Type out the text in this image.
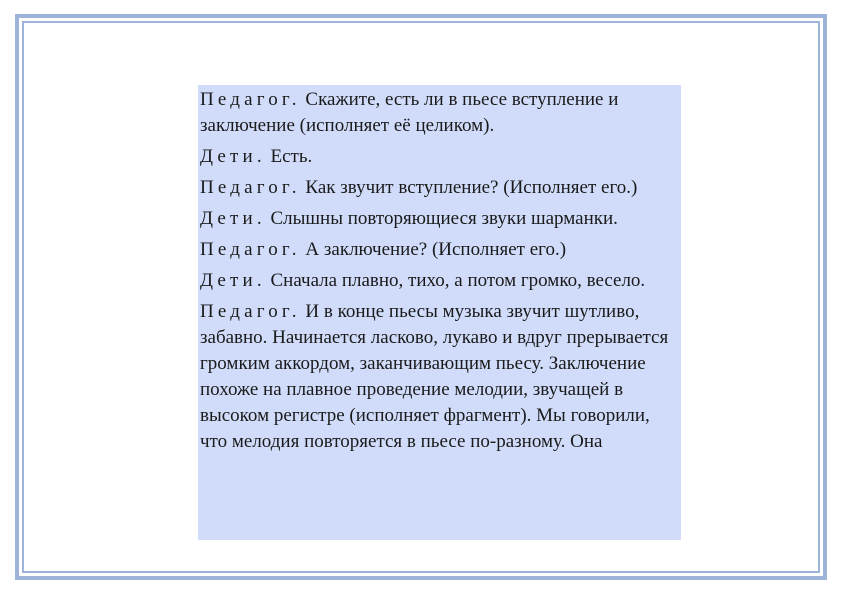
Педагог. Скажите, есть ли в пьесе вступление и заключение (исполняет её целиком).

Дети. Есть.

Педагог. Как звучит вступление? (Исполняет его.)

Дети. Слышны повторяющиеся звуки шарманки.

Педагог. А заключение? (Исполняет его.)

Дети. Сначала плавно, тихо, а потом громко, весело.

Педагог. И в конце пьесы музыка звучит шутливо, забавно. Начинается ласково, лукаво и вдруг прерывается громким аккордом, заканчивающим пьесу. Заключение похоже на плавное проведение мелодии, звучащей в высоком регистре (исполняет фрагмент). Мы говорили, что мелодия повторяется в пьесе по-разному. Она
